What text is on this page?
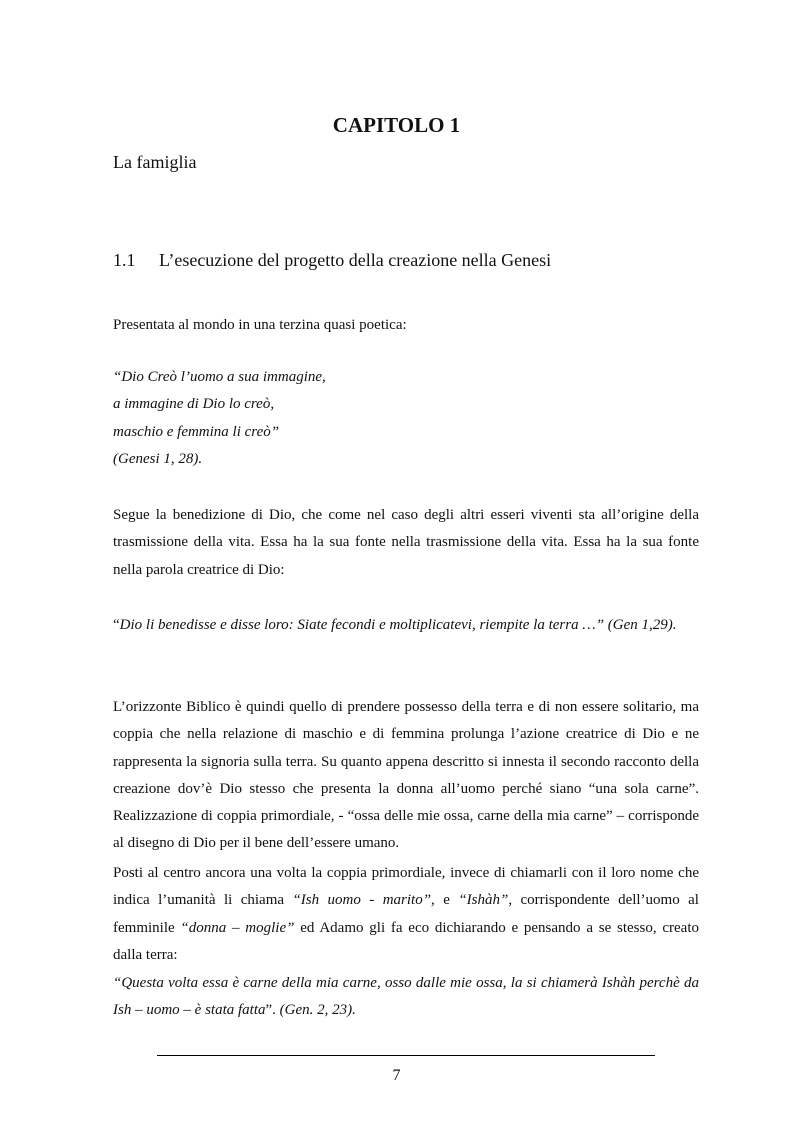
CAPITOLO 1
La famiglia
1.1 L’esecuzione del progetto della creazione nella Genesi

Presentata al mondo in una terzina quasi poetica:

“Dio Creò l’uomo a sua immagine,
a immagine di Dio lo creò,
maschio e femmina li creò”
(Genesi 1, 28).

Segue la benedizione di Dio, che come nel caso degli altri esseri viventi sta all’origine della trasmissione della vita. Essa ha la sua fonte nella trasmissione della vita. Essa ha la sua fonte nella parola creatrice di Dio:

“Dio li benedisse e disse loro: Siate fecondi e moltiplicatevi, riempite la terra …” (Gen 1,29).

L’orizzonte Biblico è quindi quello di prendere possesso della terra e di non essere solitario, ma coppia che nella relazione di maschio e di femmina prolunga l’azione creatrice di Dio e ne rappresenta la signoria sulla terra. Su quanto appena descritto si innesta il secondo racconto della creazione dov’è Dio stesso che presenta la donna all’uomo perché siano “una sola carne”. Realizzazione di coppia primordiale, - “ossa delle mie ossa, carne della mia carne” – corrisponde al disegno di Dio per il bene dell’essere umano.

Posti al centro ancora una volta la coppia primordiale, invece di chiamarli con il loro nome che indica l’umanità li chiama “Ish uomo - marito”, e “Ishàh”, corrispondente dell’uomo al femminile “donna – moglie” ed Adamo gli fa eco dichiarando e pensando a se stesso, creato dalla terra:

“Questa volta essa è carne della mia carne, osso dalle mie ossa, la si chiamerà Ishàh perchè da Ish – uomo – è stata fatta”. (Gen. 2, 23).

7
